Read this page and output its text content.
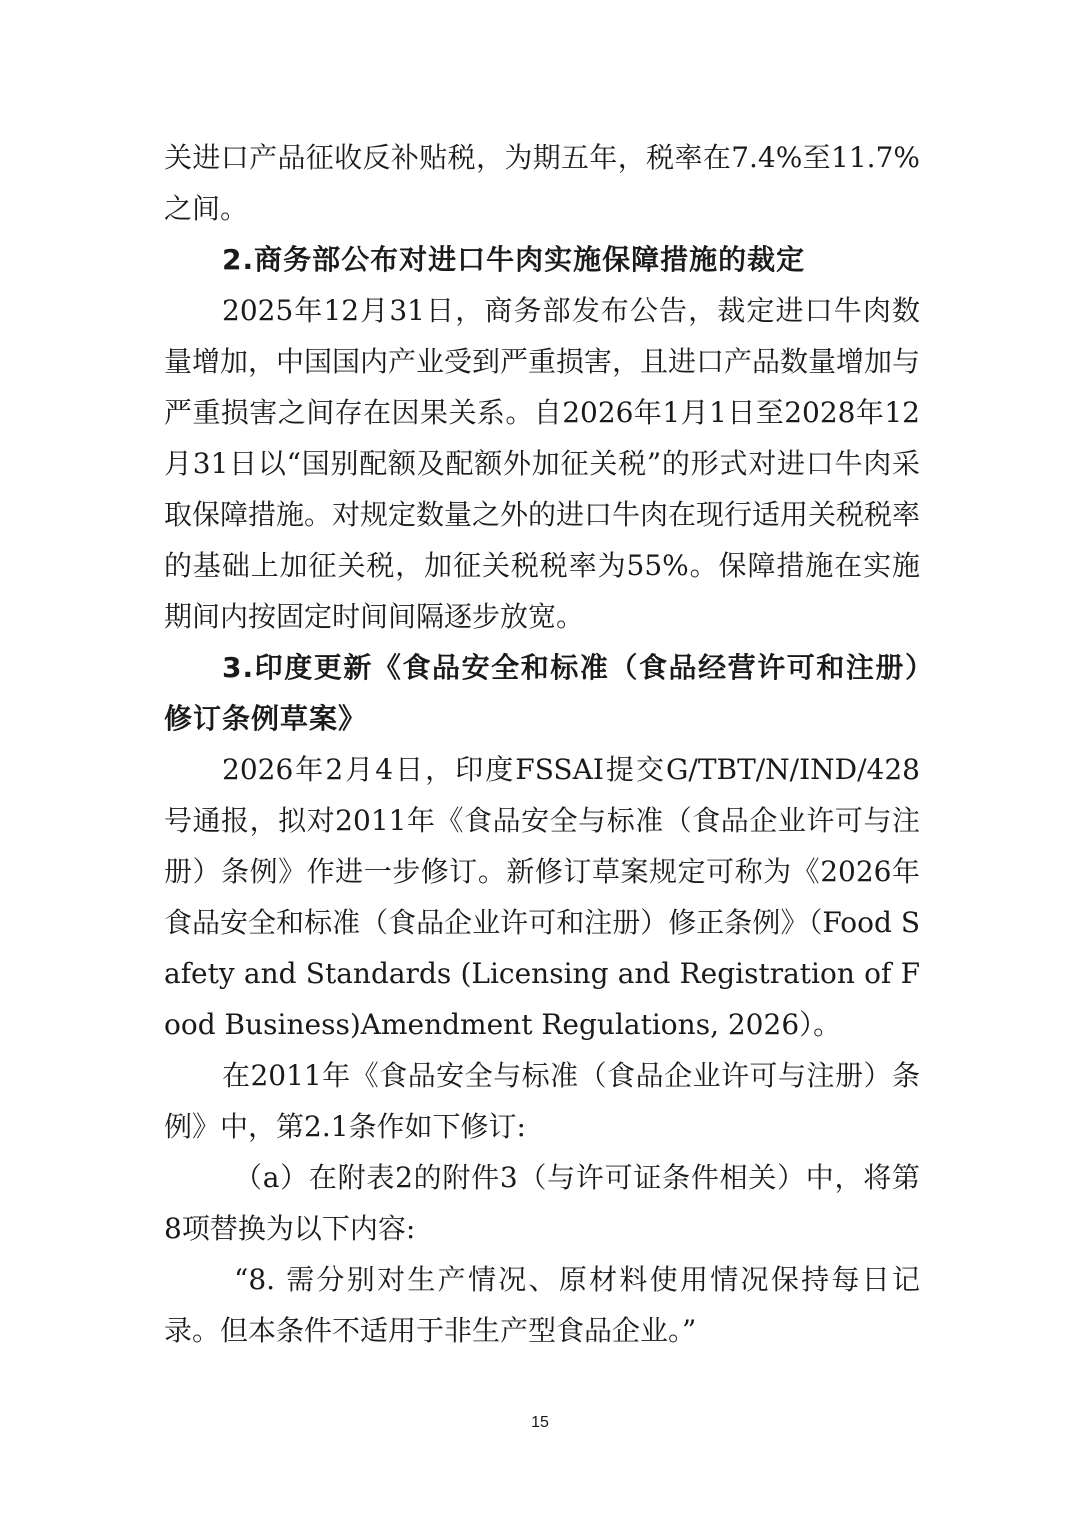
关进口产品征收反补贴税，为期五年，税率在7.4%至11.7%之间。

2.商务部公布对进口牛肉实施保障措施的裁定

2025年12月31日，商务部发布公告，裁定进口牛肉数量增加，中国国内产业受到严重损害，且进口产品数量增加与严重损害之间存在因果关系。自2026年1月1日至2028年12月31日以“国别配额及配额外加征关税”的形式对进口牛肉采取保障措施。对规定数量之外的进口牛肉在现行适用关税税率的基础上加征关税，加征关税税率为55%。保障措施在实施期间内按固定时间间隔逐步放宽。

3.印度更新《食品安全和标准（食品经营许可和注册）修订条例草案》

2026年2月4日，印度FSSAI提交G/TBT/N/IND/428号通报，拟对2011年《食品安全与标准（食品企业许可与注册）条例》作进一步修订。新修订草案规定可称为《2026年食品安全和标准（食品企业许可和注册）修正条例》（Food Safety and Standards (Licensing and Registration of Food Business)Amendment Regulations, 2026）。

在2011年《食品安全与标准（食品企业许可与注册）条例》中，第2.1条作如下修订:

（a）在附表2的附件3（与许可证条件相关）中，将第8项替换为以下内容:

“8. 需分别对生产情况、原材料使用情况保持每日记录。但本条件不适用于非生产型食品企业。”

15
